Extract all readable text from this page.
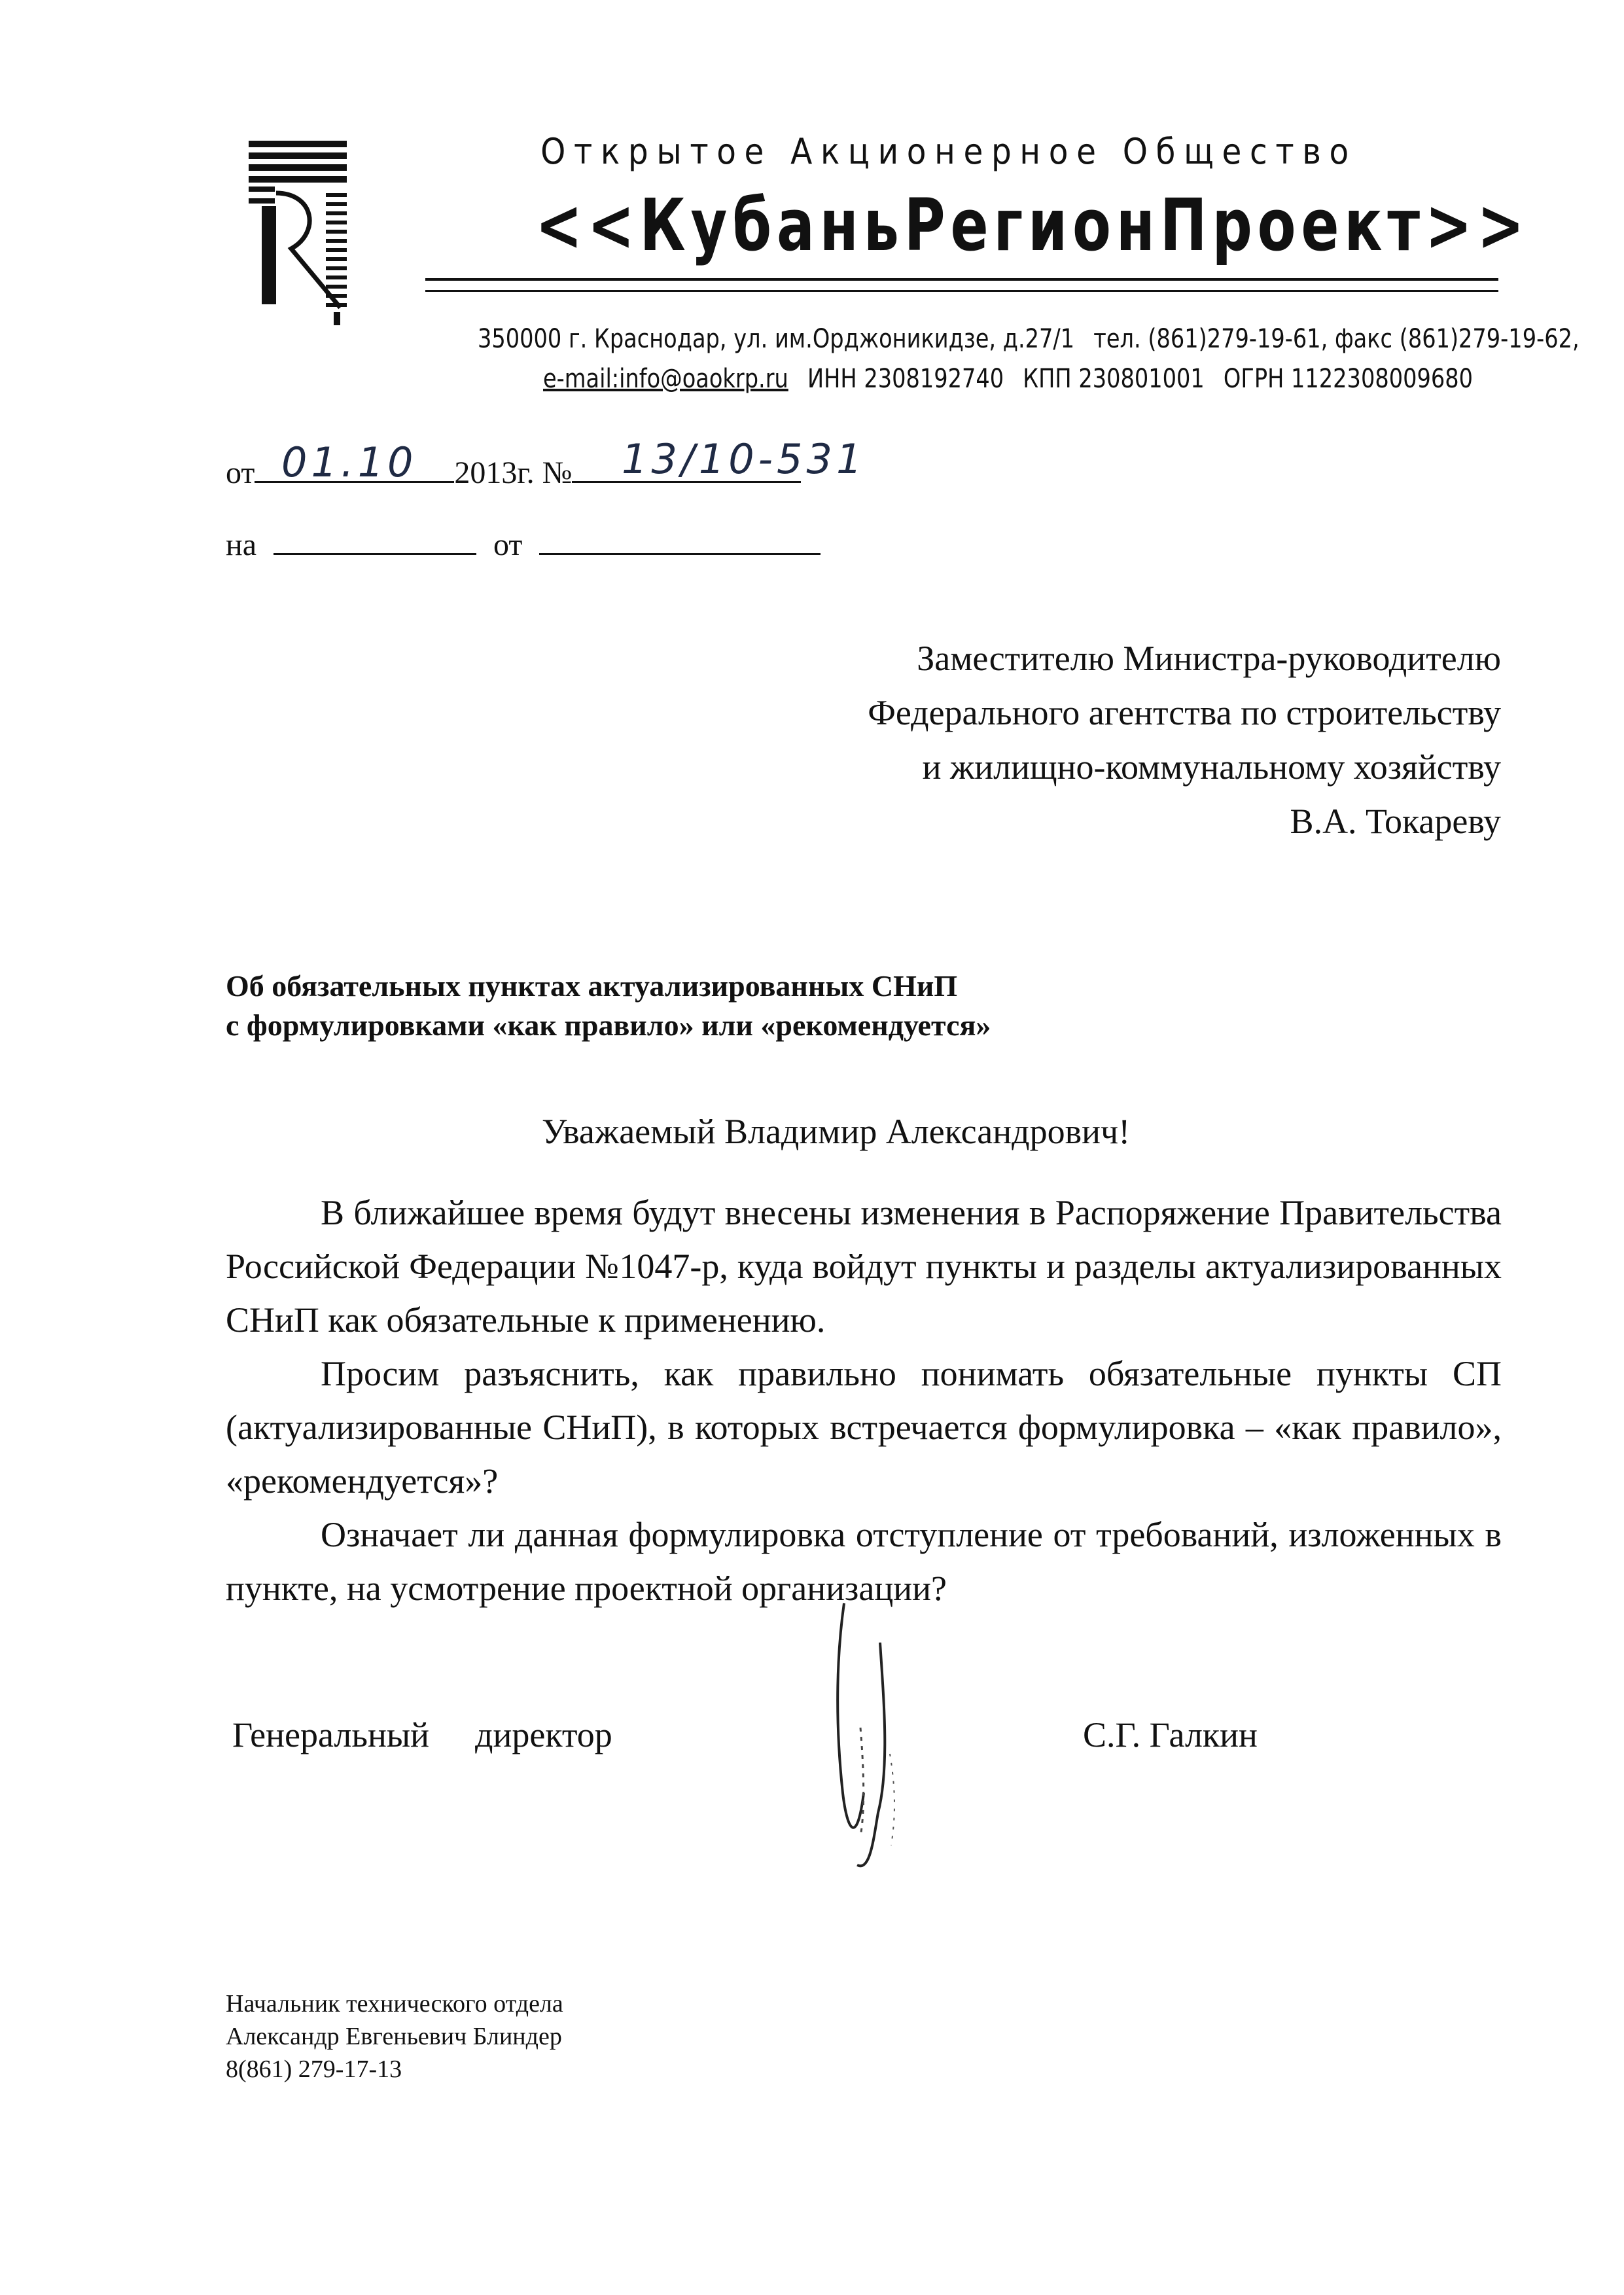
Открытое Акционерное Общество
<<КубаньРегионПроект>>
350000 г. Краснодар, ул. им.Орджоникидзе, д.27/1 тел. (861)279-19-61, факс (861)279-19-62,
e-mail:info@oaokrp.ru ИНН 2308192740 КПП 230801001 ОГРН 1122308009680
от	2013г. №
01.10	13/10-531
на	от
Заместителю Министра-руководителю
Федерального агентства по строительству
и жилищно-коммунальному хозяйству
В.А. Токареву
Об обязательных пунктах актуализированных СНиП
с формулировками «как правило» или «рекомендуется»
Уважаемый Владимир Александрович!

В ближайшее время будут внесены изменения в Распоряжение Правительства Российской Федерации №1047-р, куда войдут пункты и разделы актуализированных СНиП как обязательные к применению.

Просим разъяснить, как правильно понимать обязательные пункты СП (актуализированные СНиП), в которых встречается формулировка – «как правило», «рекомендуется»?

Означает ли данная формулировка отступление от требований, изложенных в пункте, на усмотрение проектной организации?

Генеральный директор	С.Г. Галкин
Начальник технического отдела
Александр Евгеньевич Блиндер
8(861) 279-17-13
